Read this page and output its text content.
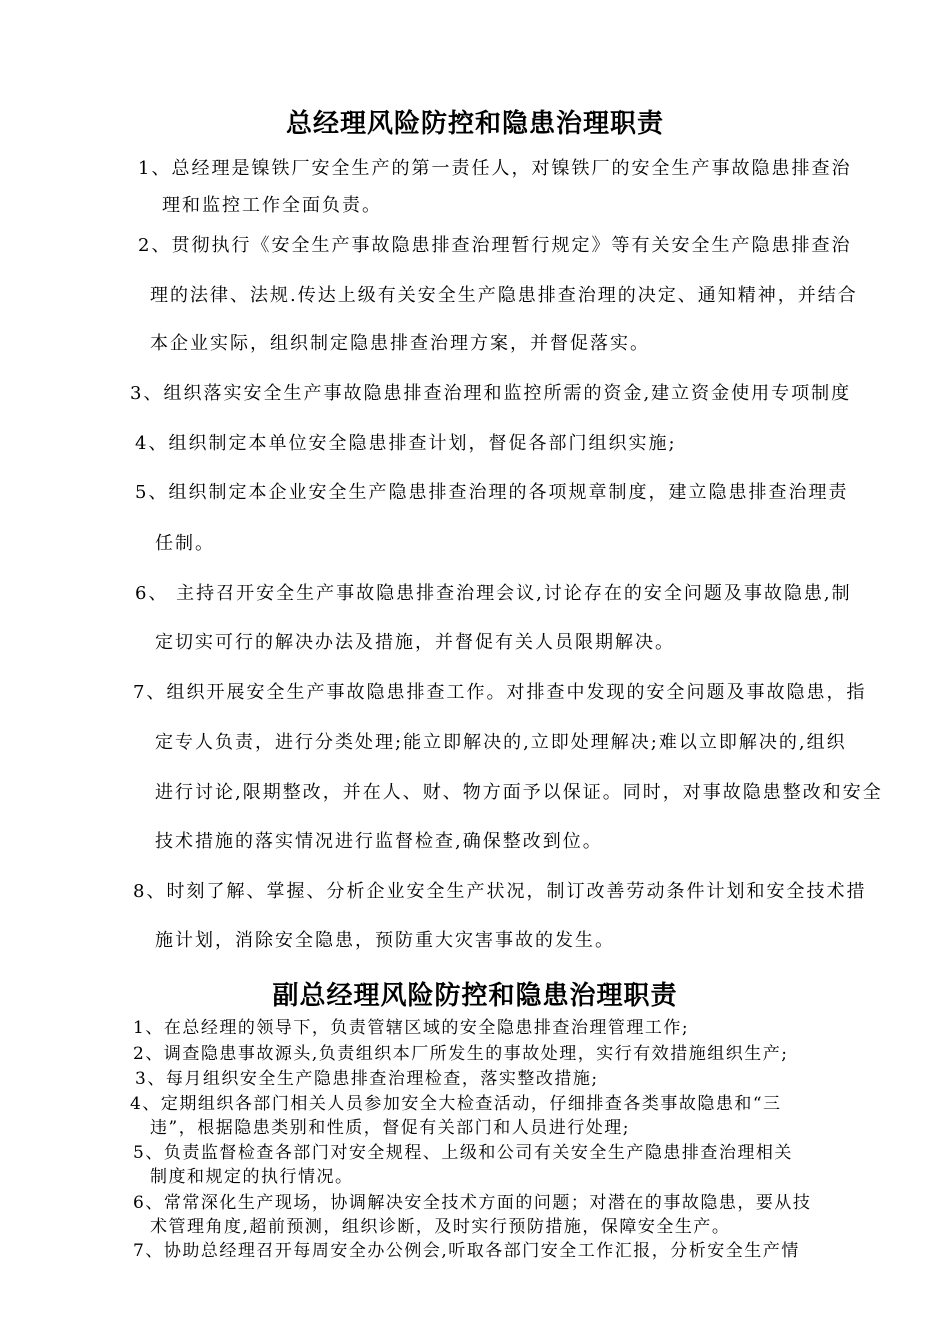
总经理风险防控和隐患治理职责
1、总经理是镍铁厂安全生产的第一责任人，对镍铁厂的安全生产事故隐患排查治
理和监控工作全面负责。
2、贯彻执行《安全生产事故隐患排查治理暂行规定》等有关安全生产隐患排查治
理的法律、法规.传达上级有关安全生产隐患排查治理的决定、通知精神，并结合
本企业实际，组织制定隐患排查治理方案，并督促落实。
3、组织落实安全生产事故隐患排查治理和监控所需的资金,建立资金使用专项制度
4、组织制定本单位安全隐患排查计划，督促各部门组织实施;
5、组织制定本企业安全生产隐患排查治理的各项规章制度，建立隐患排查治理责
任制。
6、 主持召开安全生产事故隐患排查治理会议,讨论存在的安全问题及事故隐患,制
定切实可行的解决办法及措施，并督促有关人员限期解决。
7、组织开展安全生产事故隐患排查工作。对排查中发现的安全问题及事故隐患，指
定专人负责，进行分类处理;能立即解决的,立即处理解决;难以立即解决的,组织
进行讨论,限期整改，并在人、财、物方面予以保证。同时，对事故隐患整改和安全
技术措施的落实情况进行监督检查,确保整改到位。
8、时刻了解、掌握、分析企业安全生产状况，制订改善劳动条件计划和安全技术措
施计划，消除安全隐患，预防重大灾害事故的发生。
副总经理风险防控和隐患治理职责
1、在总经理的领导下，负责管辖区域的安全隐患排查治理管理工作;
2、调查隐患事故源头,负责组织本厂所发生的事故处理，实行有效措施组织生产;
3、每月组织安全生产隐患排查治理检查，落实整改措施;
4、定期组织各部门相关人员参加安全大检查活动，仔细排查各类事故隐患和“三
违”，根据隐患类别和性质，督促有关部门和人员进行处理;
5、负责监督检查各部门对安全规程、上级和公司有关安全生产隐患排查治理相关
制度和规定的执行情况。
6、常常深化生产现场，协调解决安全技术方面的问题；对潜在的事故隐患，要从技
术管理角度,超前预测，组织诊断，及时实行预防措施，保障安全生产。
7、协助总经理召开每周安全办公例会,听取各部门安全工作汇报，分析安全生产情
